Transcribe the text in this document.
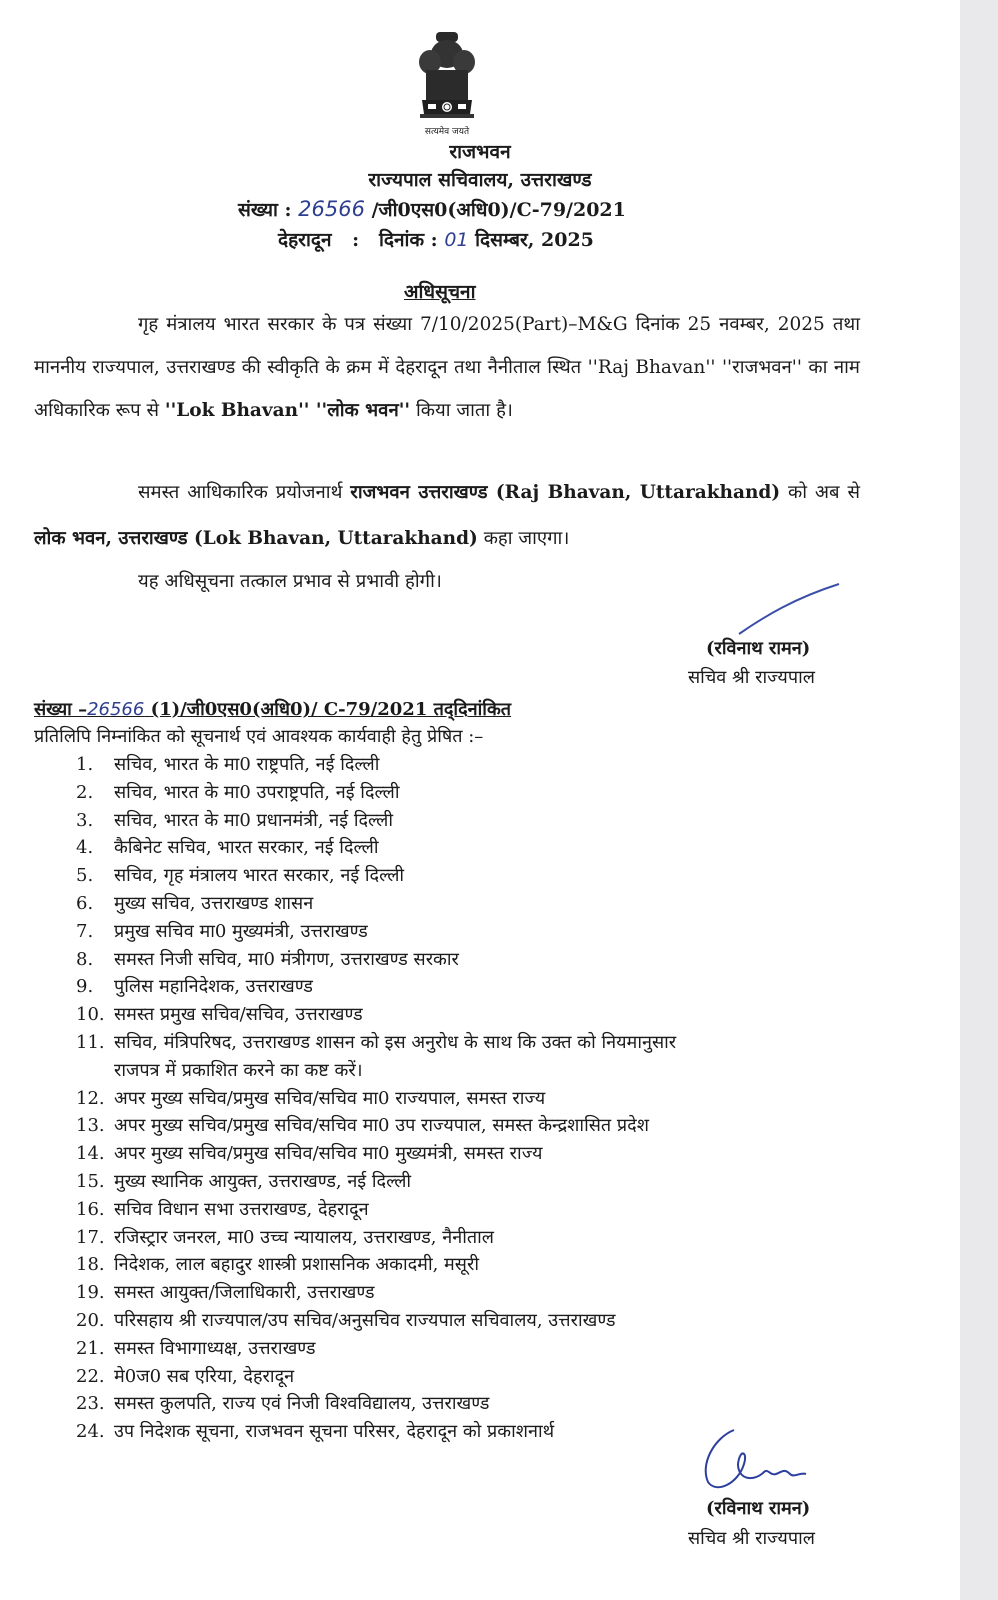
सत्यमेव जयते
राजभवन
राज्यपाल सचिवालय, उत्तराखण्ड
संख्या : 26566 /जी0एस0(अधि0)/C-79/2021
देहरादून :   दिनांक : 01 दिसम्बर, 2025
अधिसूचना

गृह मंत्रालय भारत सरकार के पत्र संख्या 7/10/2025(Part)–M&G दिनांक 25 नवम्बर, 2025 तथा माननीय राज्यपाल, उत्तराखण्ड की स्वीकृति के क्रम में देहरादून तथा नैनीताल स्थित ''Raj Bhavan'' ''राजभवन'' का नाम अधिकारिक रूप से ''Lok Bhavan'' ''लोक भवन'' किया जाता है।

समस्त आधिकारिक प्रयोजनार्थ राजभवन उत्तराखण्ड (Raj Bhavan, Uttarakhand) को अब से लोक भवन, उत्तराखण्ड (Lok Bhavan, Uttarakhand) कहा जाएगा।

यह अधिसूचना तत्काल प्रभाव से प्रभावी होगी।
(रविनाथ रामन)
सचिव श्री राज्यपाल
संख्या –26566 (1)/जी0एस0(अधि0)/ C-79/2021 तद्‌दिनांकित
प्रतिलिपि निम्नांकित को सूचनार्थ एवं आवश्यक कार्यवाही हेतु प्रेषित :–
1. सचिव, भारत के मा0 राष्ट्रपति, नई दिल्ली
2. सचिव, भारत के मा0 उपराष्ट्रपति, नई दिल्ली
3. सचिव, भारत के मा0 प्रधानमंत्री, नई दिल्ली
4. कैबिनेट सचिव, भारत सरकार, नई दिल्ली
5. सचिव, गृह मंत्रालय भारत सरकार, नई दिल्ली
6. मुख्य सचिव, उत्तराखण्ड शासन
7. प्रमुख सचिव मा0 मुख्यमंत्री, उत्तराखण्ड
8. समस्त निजी सचिव, मा0 मंत्रीगण, उत्तराखण्ड सरकार
9. पुलिस महानिदेशक, उत्तराखण्ड
10. समस्त प्रमुख सचिव/सचिव, उत्तराखण्ड
11. सचिव, मंत्रिपरिषद, उत्तराखण्ड शासन को इस अनुरोध के साथ कि उक्त को नियमानुसार
राजपत्र में प्रकाशित करने का कष्ट करें।
12. अपर मुख्य सचिव/प्रमुख सचिव/सचिव मा0 राज्यपाल, समस्त राज्य
13. अपर मुख्य सचिव/प्रमुख सचिव/सचिव मा0 उप राज्यपाल, समस्त केन्द्रशासित प्रदेश
14. अपर मुख्य सचिव/प्रमुख सचिव/सचिव मा0 मुख्यमंत्री, समस्त राज्य
15. मुख्य स्थानिक आयुक्त, उत्तराखण्ड, नई दिल्ली
16. सचिव विधान सभा उत्तराखण्ड, देहरादून
17. रजिस्ट्रार जनरल, मा0 उच्च न्यायालय, उत्तराखण्ड, नैनीताल
18. निदेशक, लाल बहादुर शास्त्री प्रशासनिक अकादमी, मसूरी
19. समस्त आयुक्त/जिलाधिकारी, उत्तराखण्ड
20. परिसहाय श्री राज्यपाल/उप सचिव/अनुसचिव राज्यपाल सचिवालय, उत्तराखण्ड
21. समस्त विभागाध्यक्ष, उत्तराखण्ड
22. मे0ज0 सब एरिया, देहरादून
23. समस्त कुलपति, राज्य एवं निजी विश्वविद्यालय, उत्तराखण्ड
24. उप निदेशक सूचना, राजभवन सूचना परिसर, देहरादून को प्रकाशनार्थ
(रविनाथ रामन)
सचिव श्री राज्यपाल
